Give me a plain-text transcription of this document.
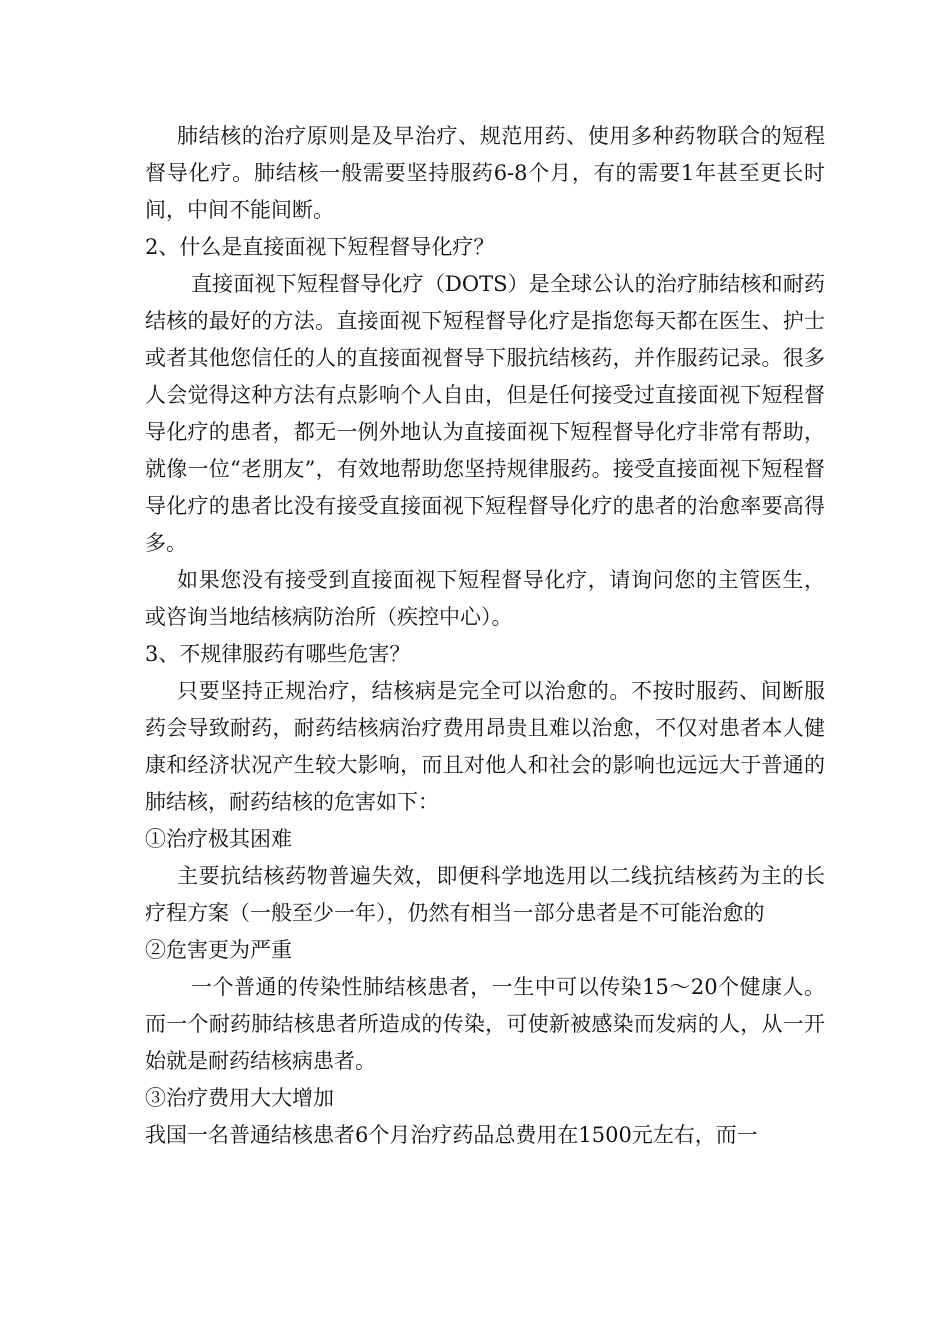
肺结核的治疗原则是及早治疗、规范用药、使用多种药物联合的短程督导化疗。肺结核一般需要坚持服药6-8个月，有的需要1年甚至更长时间，中间不能间断。

2、什么是直接面视下短程督导化疗？

直接面视下短程督导化疗（DOTS）是全球公认的治疗肺结核和耐药结核的最好的方法。直接面视下短程督导化疗是指您每天都在医生、护士或者其他您信任的人的直接面视督导下服抗结核药，并作服药记录。很多人会觉得这种方法有点影响个人自由，但是任何接受过直接面视下短程督导化疗的患者，都无一例外地认为直接面视下短程督导化疗非常有帮助，就像一位“老朋友”，有效地帮助您坚持规律服药。接受直接面视下短程督导化疗的患者比没有接受直接面视下短程督导化疗的患者的治愈率要高得多。

如果您没有接受到直接面视下短程督导化疗，请询问您的主管医生，或咨询当地结核病防治所（疾控中心）。

3、不规律服药有哪些危害？

只要坚持正规治疗，结核病是完全可以治愈的。不按时服药、间断服药会导致耐药，耐药结核病治疗费用昂贵且难以治愈，不仅对患者本人健康和经济状况产生较大影响，而且对他人和社会的影响也远远大于普通的肺结核，耐药结核的危害如下：

①治疗极其困难

主要抗结核药物普遍失效，即便科学地选用以二线抗结核药为主的长疗程方案（一般至少一年），仍然有相当一部分患者是不可能治愈的

②危害更为严重

一个普通的传染性肺结核患者，一生中可以传染15～20个健康人。而一个耐药肺结核患者所造成的传染，可使新被感染而发病的人，从一开始就是耐药结核病患者。

③治疗费用大大增加

我国一名普通结核患者6个月治疗药品总费用在1500元左右，而一
